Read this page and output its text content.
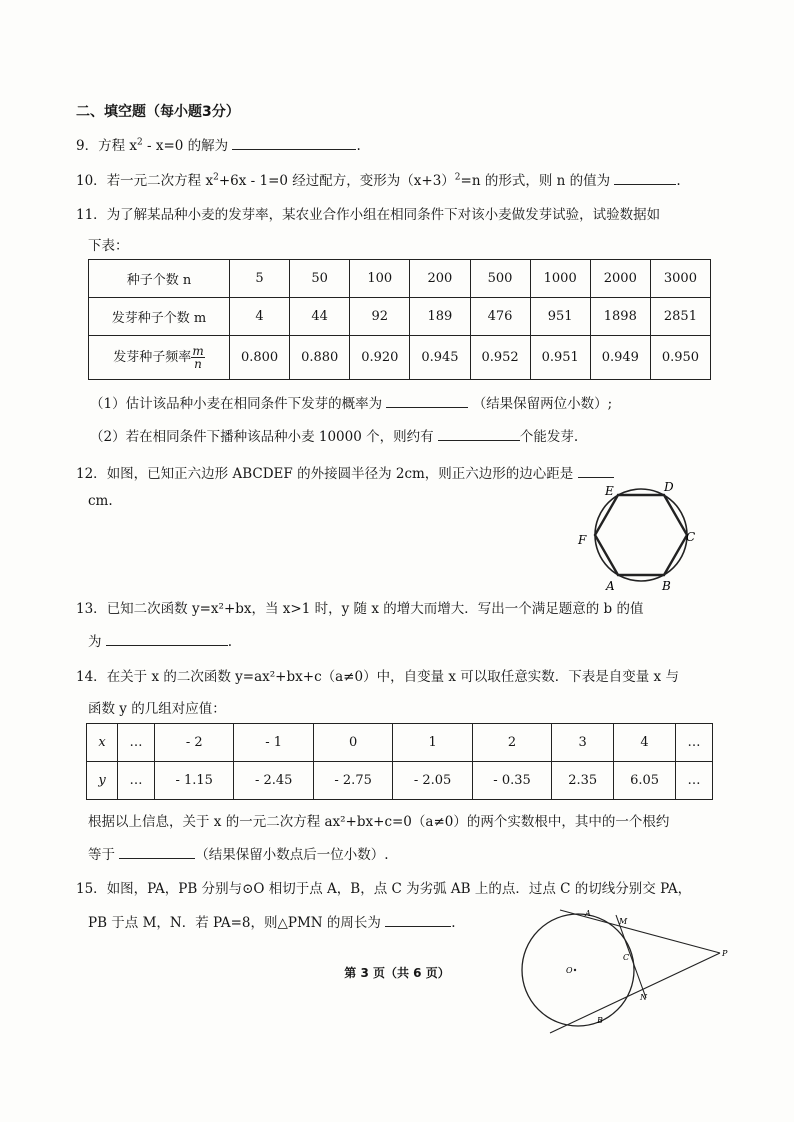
二、填空题（每小题3分）
9．方程 $x^2 - x=0$ 的解为	.
10．若一元二次方程 $x^2+6x - 1=0$ 经过配方，变形为$(x+3)^2=n$ 的形式，则 n 的值为	.
11．为了解某品种小麦的发芽率，某农业合作小组在相同条件下对该小麦做发芽试验，试验数据如
下表：
种子个数 n	5	50	100	200	500	1000	2000	3000
发芽种子个数 m	4	44	92	189	476	951	1898	2851
发芽种子频率 $\frac{m}{n}$	0.800	0.880	0.920	0.945	0.952	0.951	0.949	0.950
（1）估计该品种小麦在相同条件下发芽的概率为	（结果保留两位小数）;
（2）若在相同条件下播种该品种小麦 10000 个，则约有	个能发芽.
12．如图，已知正六边形 ABCDEF 的外接圆半径为 2cm，则正六边形的边心距是
cm.
A	B
C
D
E
F
13．已知二次函数 y=x²+bx，当 x>1 时，y 随 x 的增大而增大．写出一个满足题意的 b 的值
为	.
14．在关于 x 的二次函数 y=ax²+bx+c（a≠0）中，自变量 x 可以取任意实数．下表是自变量 x 与
函数 y 的几组对应值：
x	…	- 2	- 1	0	1	2	3	4	…
y	…	- 1.15	- 2.45	- 2.75	- 2.05	- 0.35	2.35	6.05	…
根据以上信息，关于 x 的一元二次方程 ax²+bx+c=0（a≠0）的两个实数根中，其中的一个根约
等于	（结果保留小数点后一位小数）.
15．如图，PA，PB 分别与⊙O 相切于点 A，B，点 C 为劣弧 AB 上的点．过点 C 的切线分别交 PA，
PB 于点 M，N．若 PA=8，则△PMN 的周长为	.
A
M
C
O
P
N
B
第 3 页（共 6 页）
